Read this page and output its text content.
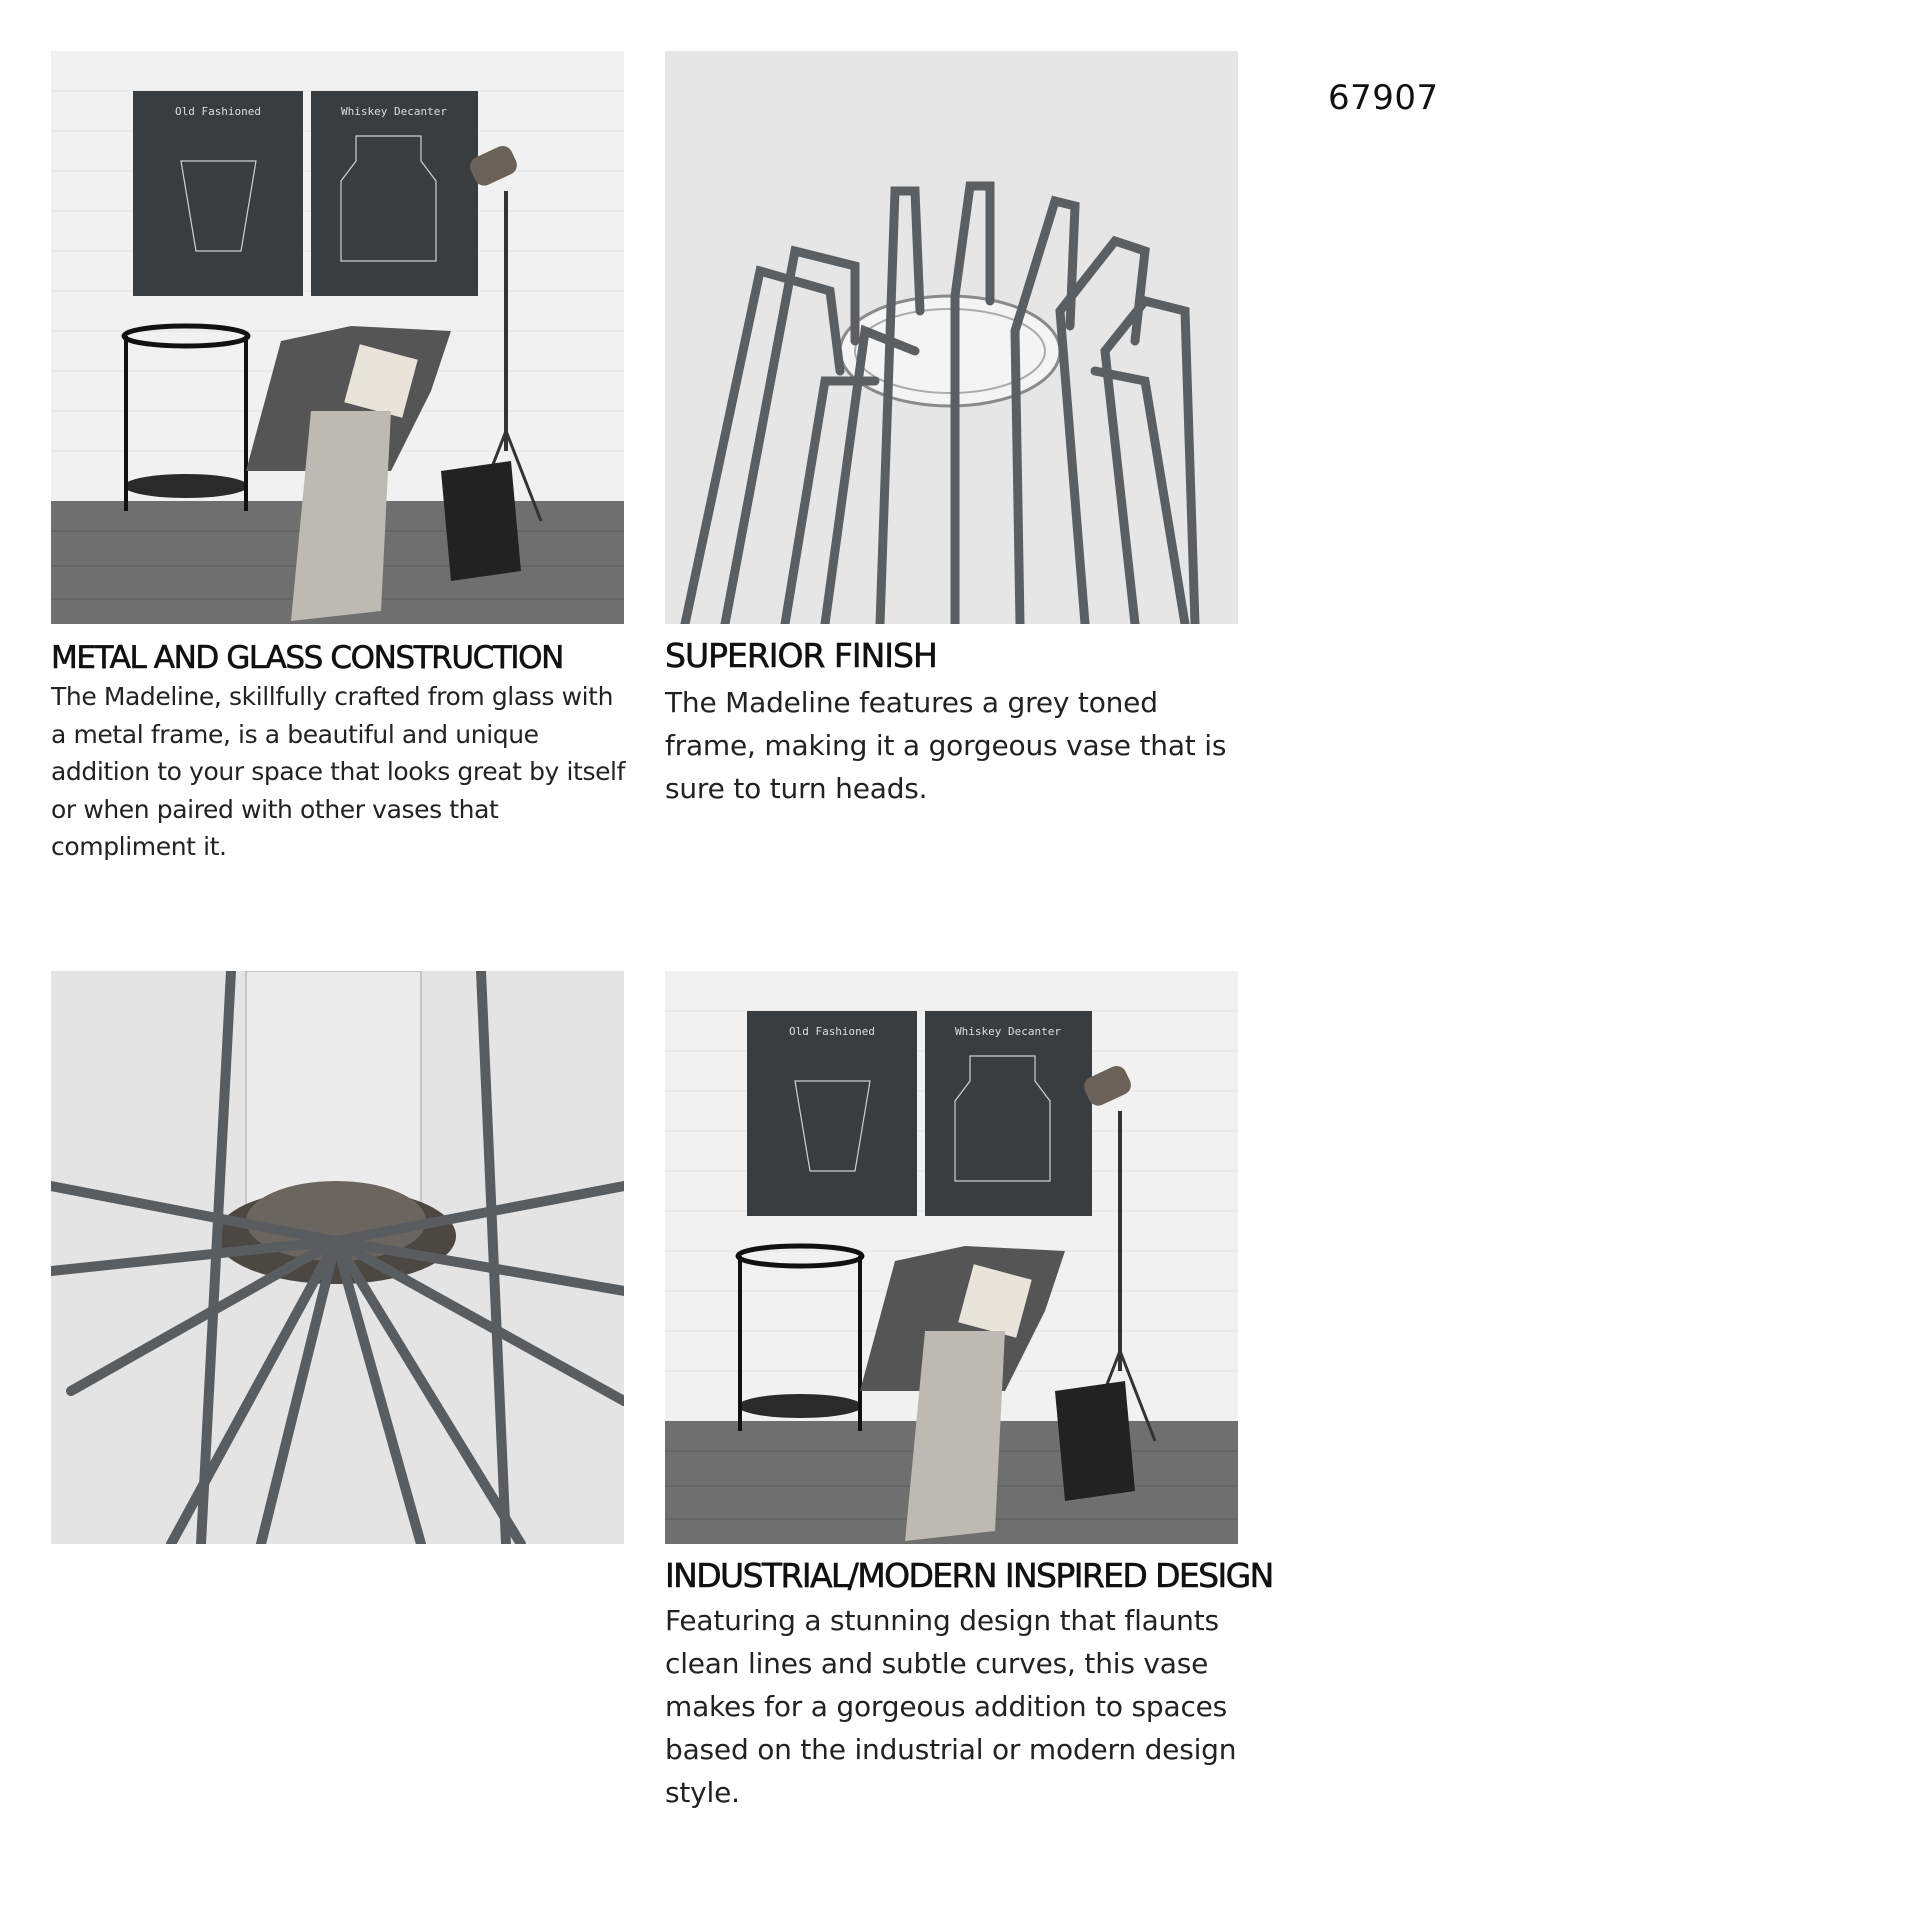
67907
Old Fashioned	Whiskey Decanter
Old Fashioned	Whiskey Decanter
METAL AND GLASS CONSTRUCTION

The Madeline, skillfully crafted from glass with a metal frame, is a beautiful and unique addition to your space that looks great by itself or when paired with other vases that compliment it.

SUPERIOR FINISH

The Madeline features a grey toned frame, making it a gorgeous vase that is sure to turn heads.

INDUSTRIAL/MODERN INSPIRED DESIGN

Featuring a stunning design that flaunts clean lines and subtle curves, this vase makes for a gorgeous addition to spaces based on the industrial or modern design style.
